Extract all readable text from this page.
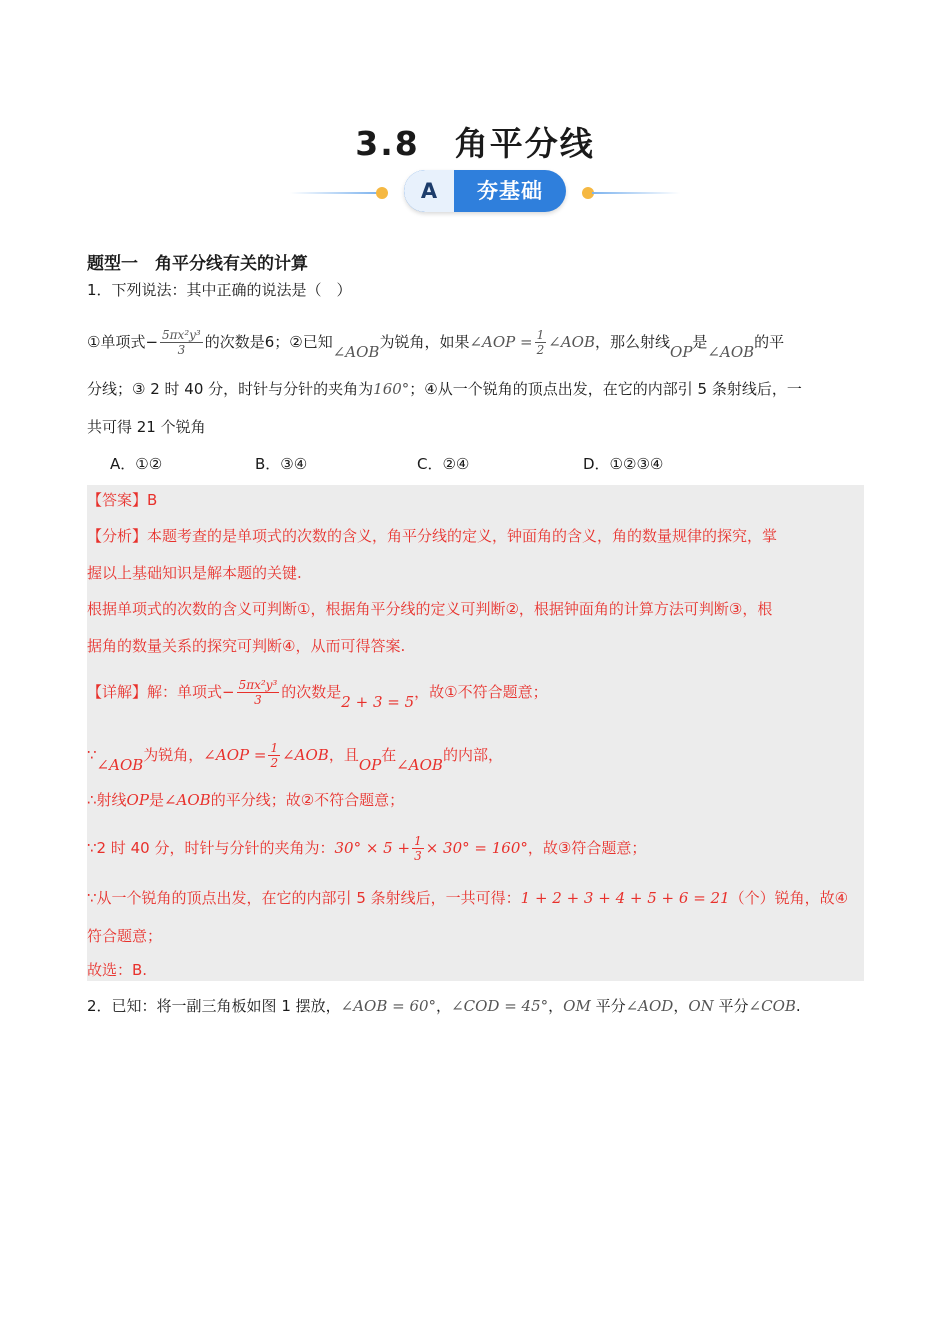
3.8　角平分线
A	夯基础
题型一　角平分线有关的计算
1．下列说法：其中正确的说法是（　）
①单项式− $\frac{\text{5πx²y³}}{3}$ 的次数是6；②已知∠AOB为锐角，如果∠AOP = $\frac{1}{2}$ ∠AOB，那么射线OP是∠AOB的平
分线；③ 2 时 40 分，时针与分针的夹角为160°；④从一个锐角的顶点出发，在它的内部引 5 条射线后，一
共可得 21 个锐角
A．①②	B．③④	C．②④	D．①②③④
【答案】B
【分析】本题考查的是单项式的次数的含义，角平分线的定义，钟面角的含义，角的数量规律的探究，掌
握以上基础知识是解本题的关键.
根据单项式的次数的含义可判断①，根据角平分线的定义可判断②，根据钟面角的计算方法可判断③，根
据角的数量关系的探究可判断④，从而可得答案.
【详解】解：单项式− $\frac{\text{5πx²y³}}{3}$ 的次数是2 + 3 = 5，故①不符合题意；
∵∠AOB为锐角，∠AOP = $\frac{1}{2}$ ∠AOB，且OP在∠AOB的内部，
∴射线OP是∠AOB的平分线；故②不符合题意；
∵2 时 40 分，时针与分针的夹角为：$30^\circ \times 5 + \frac{1}{3} \times 30^\circ = 160^\circ$，故③符合题意；
∵从一个锐角的顶点出发，在它的内部引 5 条射线后，一共可得：1 + 2 + 3 + 4 + 5 + 6 = 21（个）锐角，故④
符合题意；
故选：B.
2．已知：将一副三角板如图 1 摆放，∠AOB = 60°，∠COD = 45°，OM 平分∠AOD，ON 平分∠COB.
